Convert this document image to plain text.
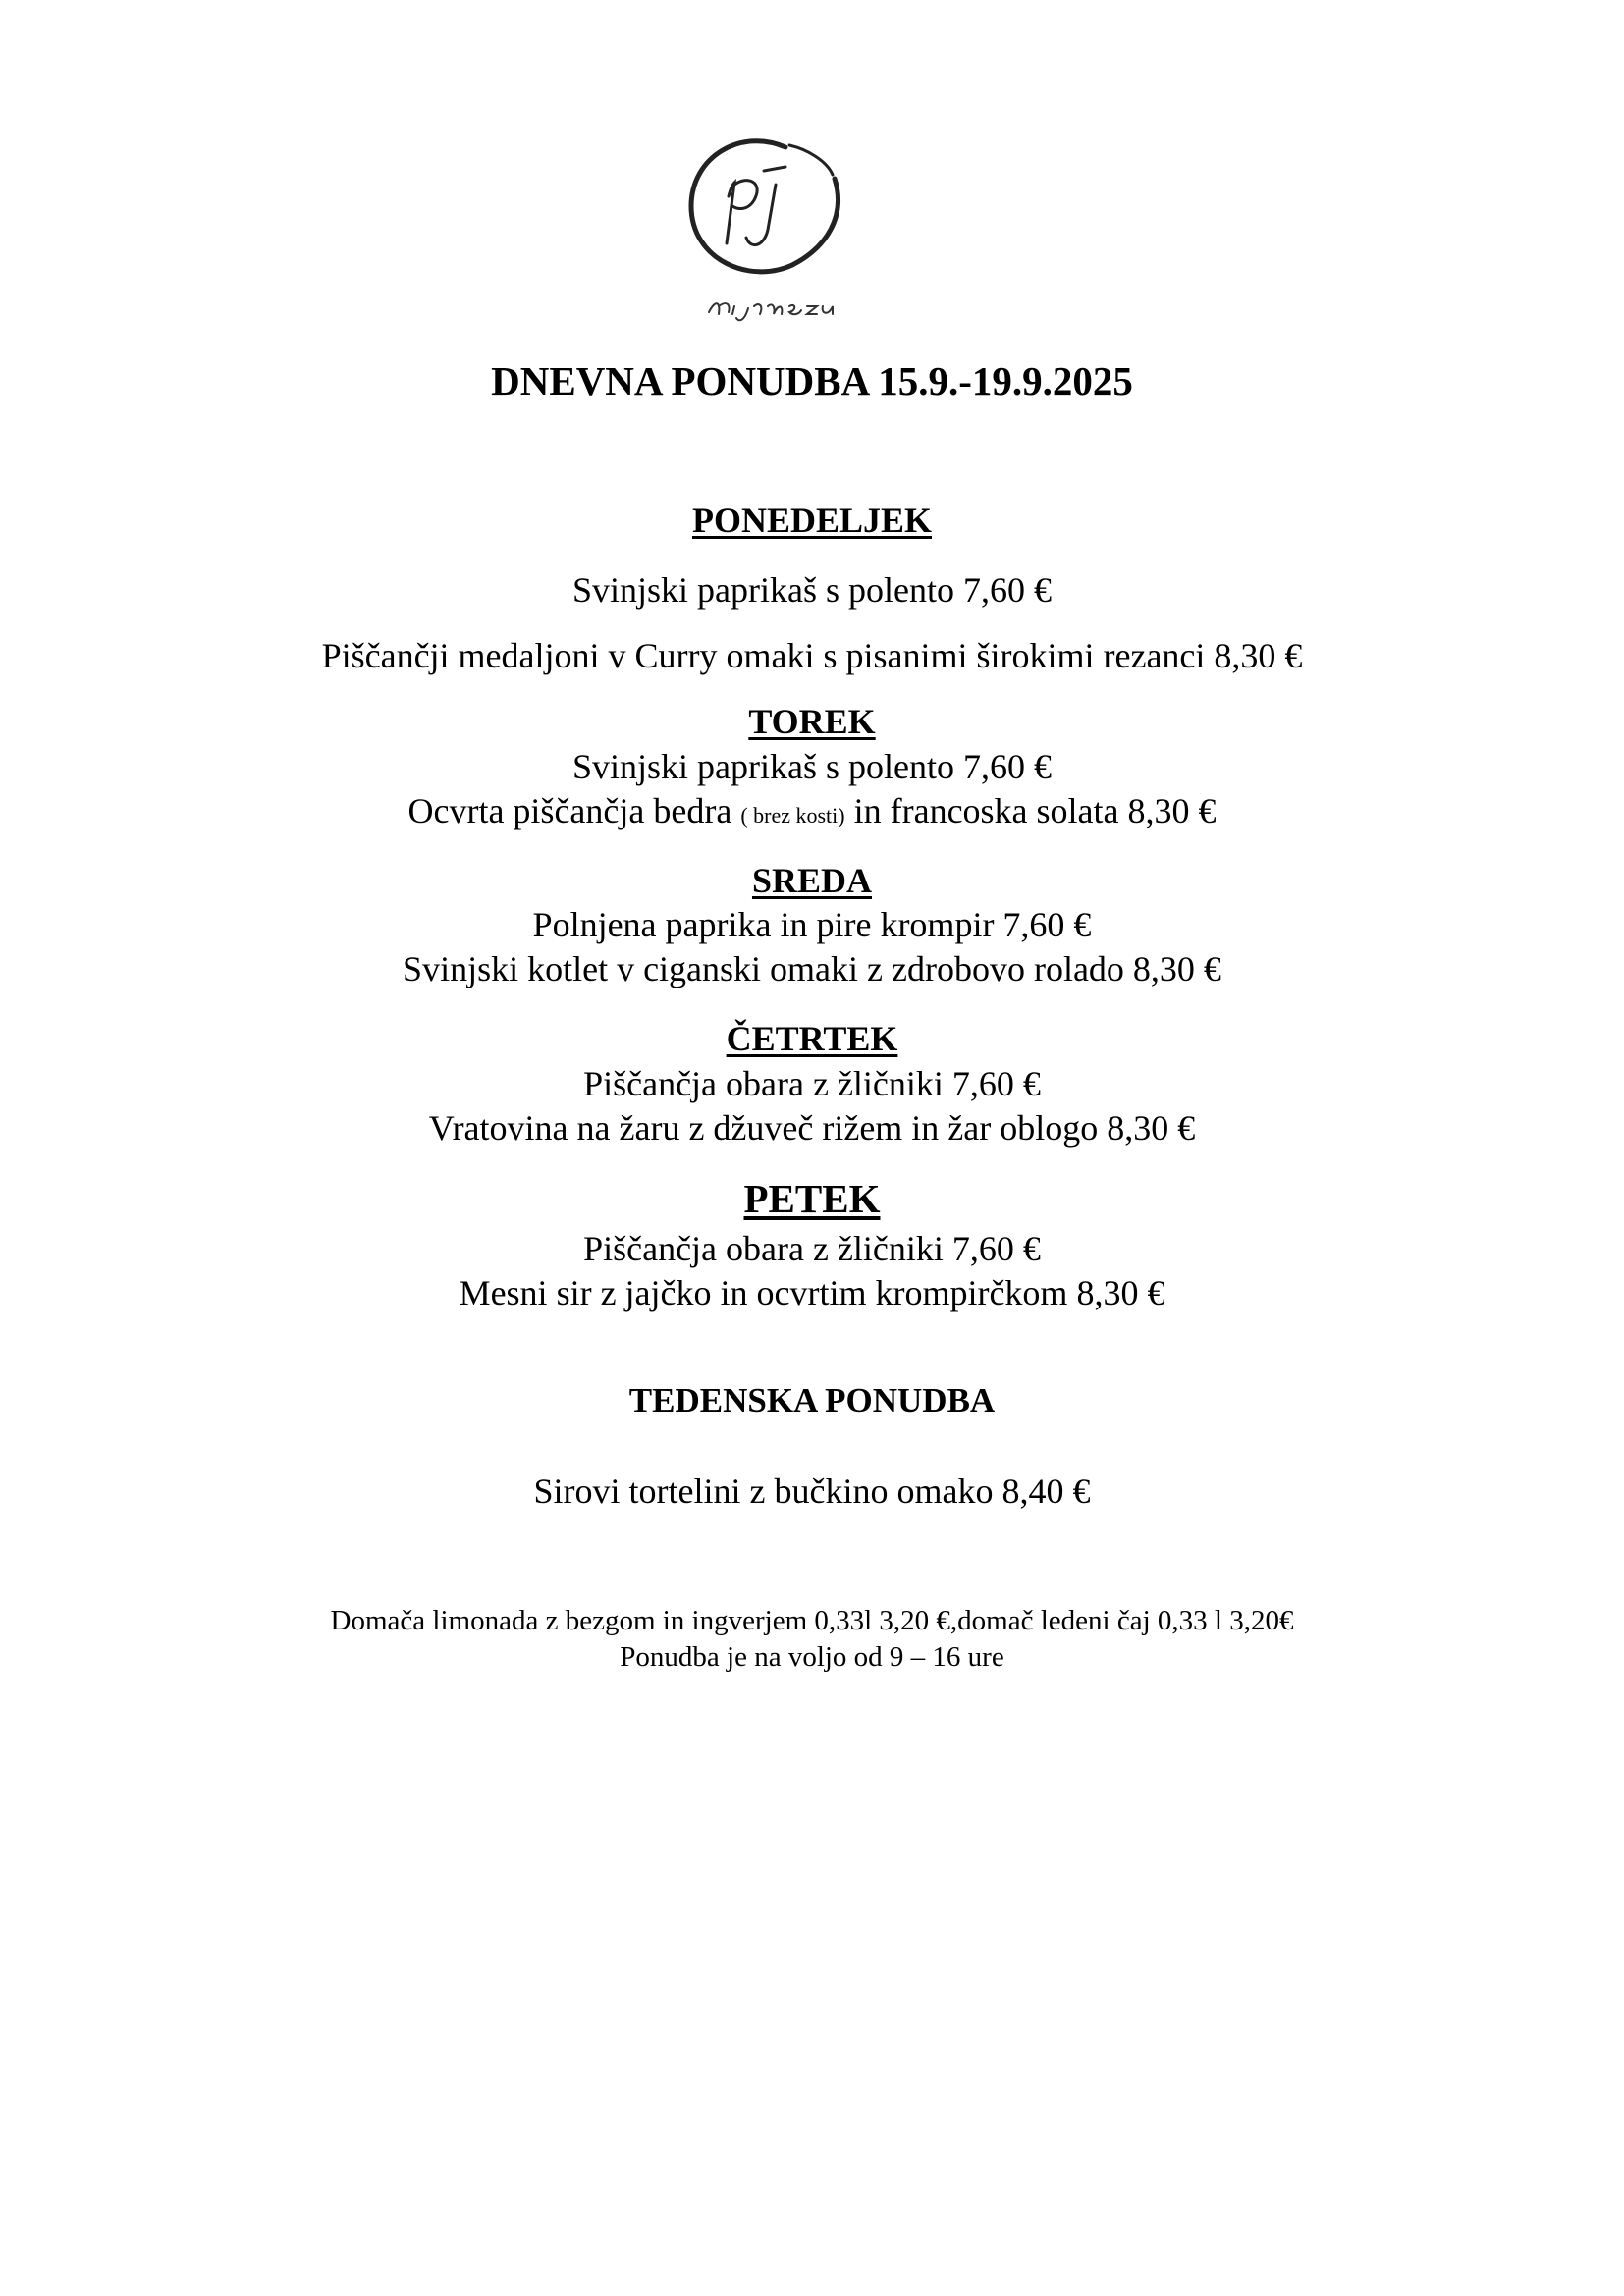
DNEVNA PONUDBA 15.9.-19.9.2025
PONEDELJEK
Svinjski paprikaš s polento 7,60 €
Piščančji medaljoni v Curry omaki s pisanimi širokimi rezanci 8,30 €
TOREK
Svinjski paprikaš s polento 7,60 €
Ocvrta piščančja bedra ( brez kosti) in francoska solata 8,30 €
SREDA
Polnjena paprika in pire krompir 7,60 €
Svinjski kotlet v ciganski omaki z zdrobovo rolado 8,30 €
ČETRTEK
Piščančja obara z žličniki 7,60 €
Vratovina na žaru z džuveč rižem in žar oblogo 8,30 €
PETEK
Piščančja obara z žličniki 7,60 €
Mesni sir z jajčko in ocvrtim krompirčkom 8,30 €
TEDENSKA PONUDBA
Sirovi tortelini z bučkino omako 8,40 €
Domača limonada z bezgom in ingverjem 0,33l 3,20 €,domač ledeni čaj 0,33 l 3,20€
Ponudba je na voljo od 9 – 16 ure
